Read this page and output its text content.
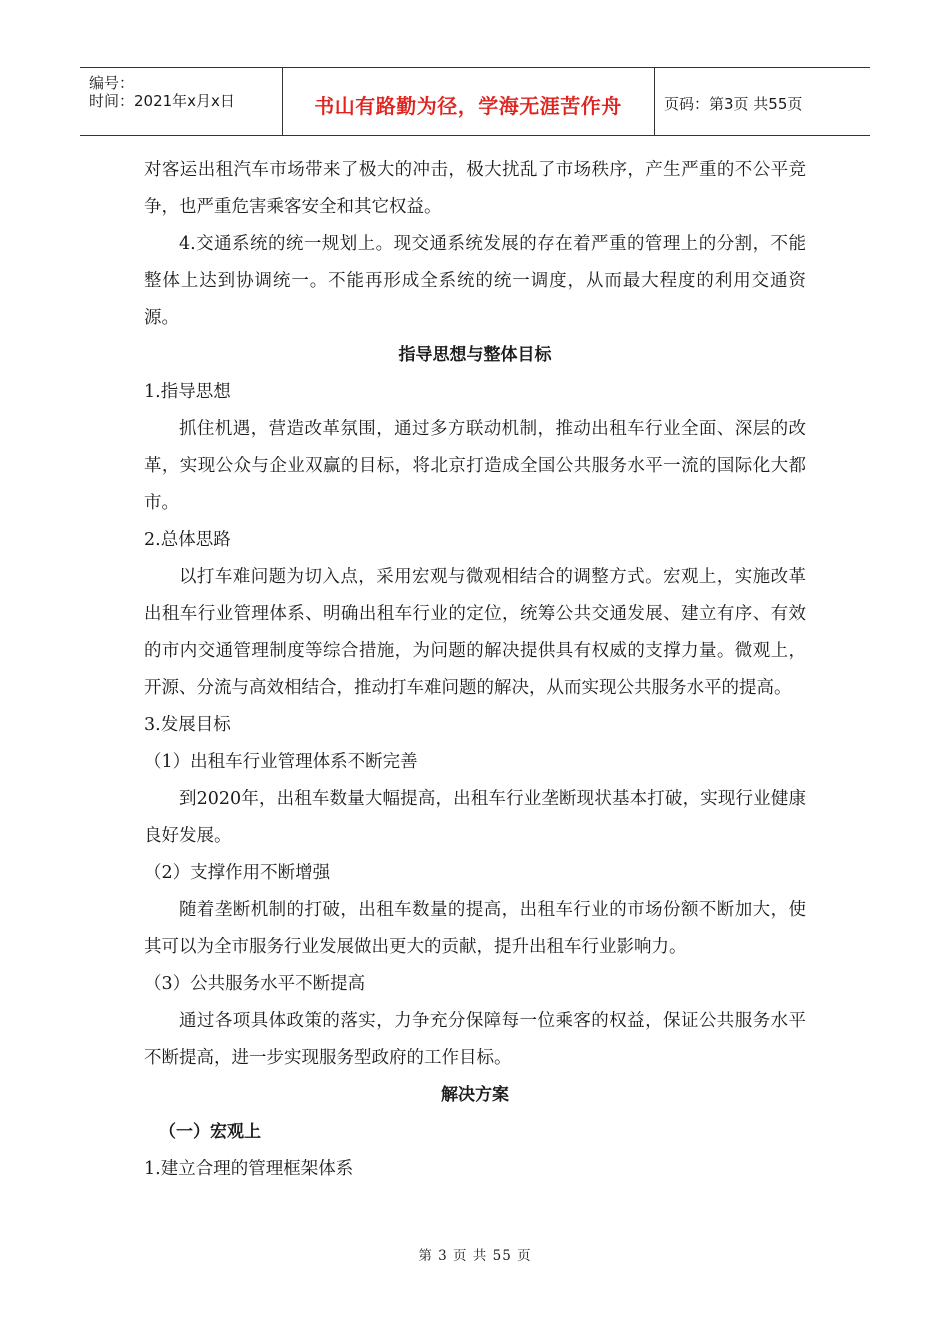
编号：
时间：2021年x月x日	书山有路勤为径，学海无涯苦作舟	页码：第3页 共55页

对客运出租汽车市场带来了极大的冲击，极大扰乱了市场秩序，产生严重的不公平竞争，也严重危害乘客安全和其它权益。

4.交通系统的统一规划上。现交通系统发展的存在着严重的管理上的分割，不能整体上达到协调统一。不能再形成全系统的统一调度，从而最大程度的利用交通资源。

指导思想与整体目标

1.指导思想

抓住机遇，营造改革氛围，通过多方联动机制，推动出租车行业全面、深层的改革，实现公众与企业双赢的目标，将北京打造成全国公共服务水平一流的国际化大都市。

2.总体思路

以打车难问题为切入点，采用宏观与微观相结合的调整方式。宏观上，实施改革出租车行业管理体系、明确出租车行业的定位，统筹公共交通发展、建立有序、有效的市内交通管理制度等综合措施，为问题的解决提供具有权威的支撑力量。微观上，开源、分流与高效相结合，推动打车难问题的解决，从而实现公共服务水平的提高。

3.发展目标

（1）出租车行业管理体系不断完善

到2020年，出租车数量大幅提高，出租车行业垄断现状基本打破，实现行业健康良好发展。

（2）支撑作用不断增强

随着垄断机制的打破，出租车数量的提高，出租车行业的市场份额不断加大，使其可以为全市服务行业发展做出更大的贡献，提升出租车行业影响力。

（3）公共服务水平不断提高

通过各项具体政策的落实，力争充分保障每一位乘客的权益，保证公共服务水平不断提高，进一步实现服务型政府的工作目标。

解决方案

（一）宏观上

1.建立合理的管理框架体系

第 3 页 共 55 页
